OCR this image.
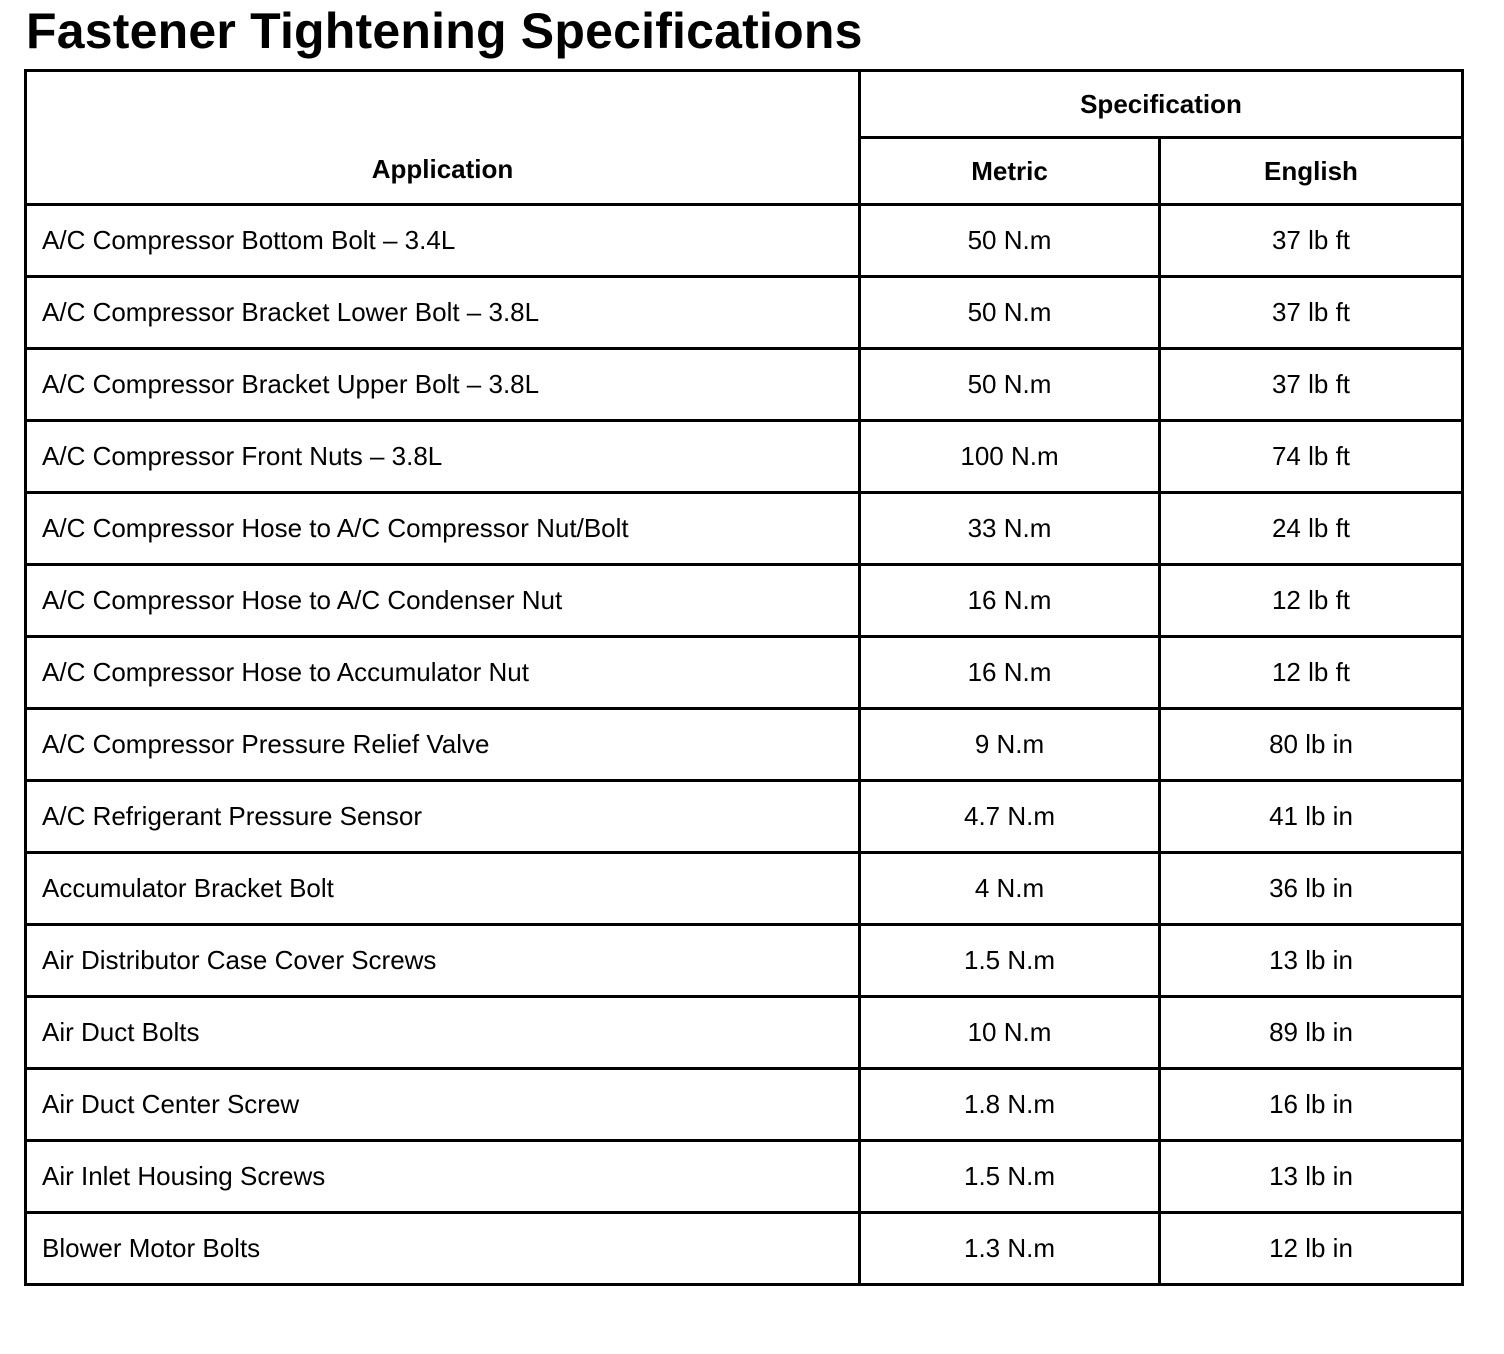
Fastener Tightening Specifications
Application	Specification	
	Metric	English
A/C Compressor Bottom Bolt – 3.4L	50 N.m	37 lb ft
A/C Compressor Bracket Lower Bolt – 3.8L	50 N.m	37 lb ft
A/C Compressor Bracket Upper Bolt – 3.8L	50 N.m	37 lb ft
A/C Compressor Front Nuts – 3.8L	100 N.m	74 lb ft
A/C Compressor Hose to A/C Compressor Nut/Bolt	33 N.m	24 lb ft
A/C Compressor Hose to A/C Condenser Nut	16 N.m	12 lb ft
A/C Compressor Hose to Accumulator Nut	16 N.m	12 lb ft
A/C Compressor Pressure Relief Valve	9 N.m	80 lb in
A/C Refrigerant Pressure Sensor	4.7 N.m	41 lb in
Accumulator Bracket Bolt	4 N.m	36 lb in
Air Distributor Case Cover Screws	1.5 N.m	13 lb in
Air Duct Bolts	10 N.m	89 lb in
Air Duct Center Screw	1.8 N.m	16 lb in
Air Inlet Housing Screws	1.5 N.m	13 lb in
Blower Motor Bolts	1.3 N.m	12 lb in
